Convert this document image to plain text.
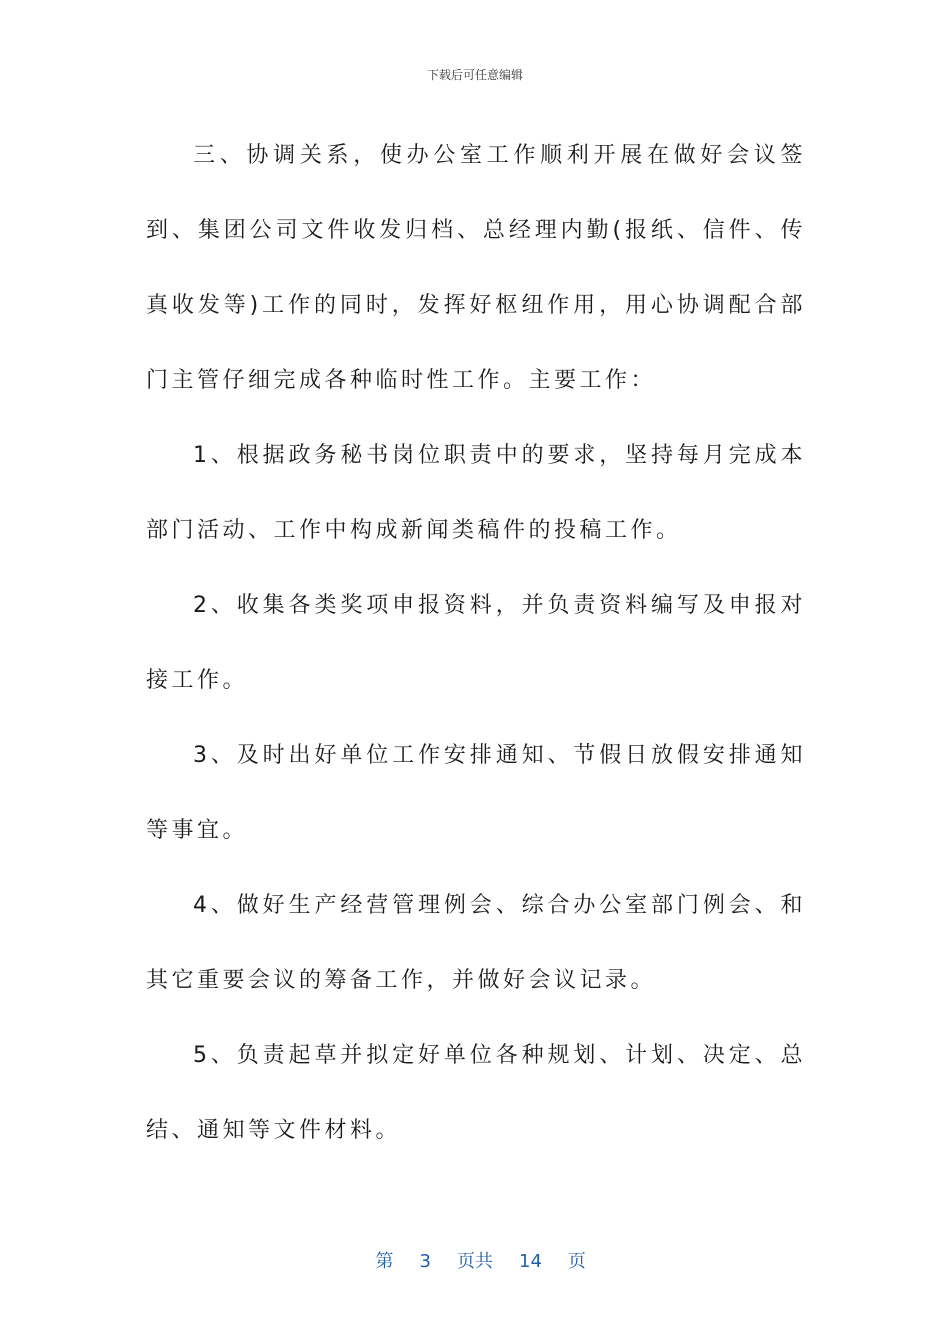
下载后可任意编辑

三、协调关系，使办公室工作顺利开展在做好会议签到、集团公司文件收发归档、总经理内勤(报纸、信件、传真收发等)工作的同时，发挥好枢纽作用，用心协调配合部门主管仔细完成各种临时性工作。主要工作：

1、根据政务秘书岗位职责中的要求，坚持每月完成本部门活动、工作中构成新闻类稿件的投稿工作。

2、收集各类奖项申报资料，并负责资料编写及申报对接工作。

3、及时出好单位工作安排通知、节假日放假安排通知等事宜。

4、做好生产经营管理例会、综合办公室部门例会、和其它重要会议的筹备工作，并做好会议记录。

5、负责起草并拟定好单位各种规划、计划、决定、总结、通知等文件材料。

第 3 页共 14 页
